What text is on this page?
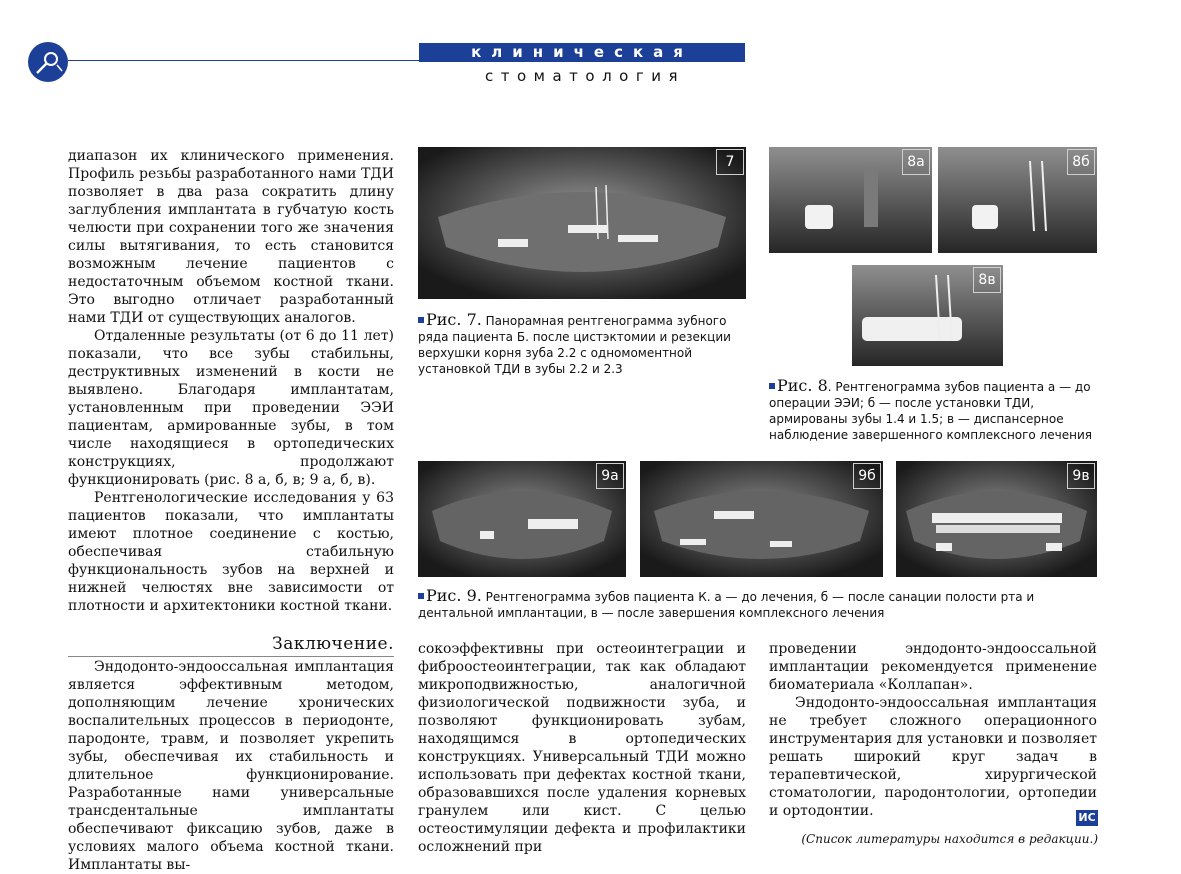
клиническая
стоматология

диапазон их клинического применения. Профиль резьбы разработанного нами ТДИ позволяет в два раза сократить длину заглубления имплантата в губчатую кость челюсти при сохранении того же значения силы вытягивания, то есть становится возможным лечение пациентов с недостаточным объемом костной ткани. Это выгодно отличает разработанный нами ТДИ от существующих аналогов.

Отдаленные результаты (от 6 до 11 лет) показали, что все зубы стабильны, деструктивных изменений в кости не выявлено. Благодаря имплантатам, установленным при проведении ЭЭИ пациентам, армированные зубы, в том числе находящиеся в ортопедических конструкциях, продолжают функционировать (рис. 8 а, б, в; 9 а, б, в).

Рентгенологические исследования у 63 пациентов показали, что имплантаты имеют плотное соединение с костью, обеспечивая стабильную функциональность зубов на верхней и нижней челюстях вне зависимости от плотности и архитектоники костной ткани.

Заключение.

Эндодонто-эндооссальная имплантация является эффективным методом, дополняющим лечение хронических воспалительных процессов в периодонте, пародонте, травм, и позволяет укрепить зубы, обеспечивая их стабильность и длительное функционирование. Разработанные нами универсальные трансдентальные имплантаты обеспечивают фиксацию зубов, даже в условиях малого объема костной ткани. Имплантаты вы-

сокоэффективны при остеоинтеграции и фиброостеоинтеграции, так как обладают микроподвижностью, аналогичной физиологической подвижности зуба, и позволяют функционировать зубам, находящимся в ортопедических конструкциях. Универсальный ТДИ можно использовать при дефектах костной ткани, образовавшихся после удаления корневых гранулем или кист. С целью остеостимуляции дефекта и профилактики осложнений при

проведении эндодонто-эндооссальной имплантации рекомендуется применение биоматериала «Коллапан».

Эндодонто-эндооссальная имплантация не требует сложного операционного инструментария для установки и позволяет решать широкий круг задач в терапевтической, хирургической стоматологии, пародонтологии, ортопедии и ортодонтии.	ИС
(Список литературы находится в редакции.)
7
Рис. 7. Панорамная рентгенограмма зубного ряда пациента Б. после цистэктомии и резекции верхушки корня зуба 2.2 с одномоментной установкой ТДИ в зубы 2.2 и 2.3
8а	8б
8в
Рис. 8. Рентгенограмма зубов пациента а — до операции ЭЭИ; б — после установки ТДИ, армированы зубы 1.4 и 1.5; в — диспансерное наблюдение завершенного комплексного лечения
9а	9б	9в
Рис. 9. Рентгенограмма зубов пациента К. а — до лечения, б — после санации полости рта и дентальной имплантации, в — после завершения комплексного лечения
